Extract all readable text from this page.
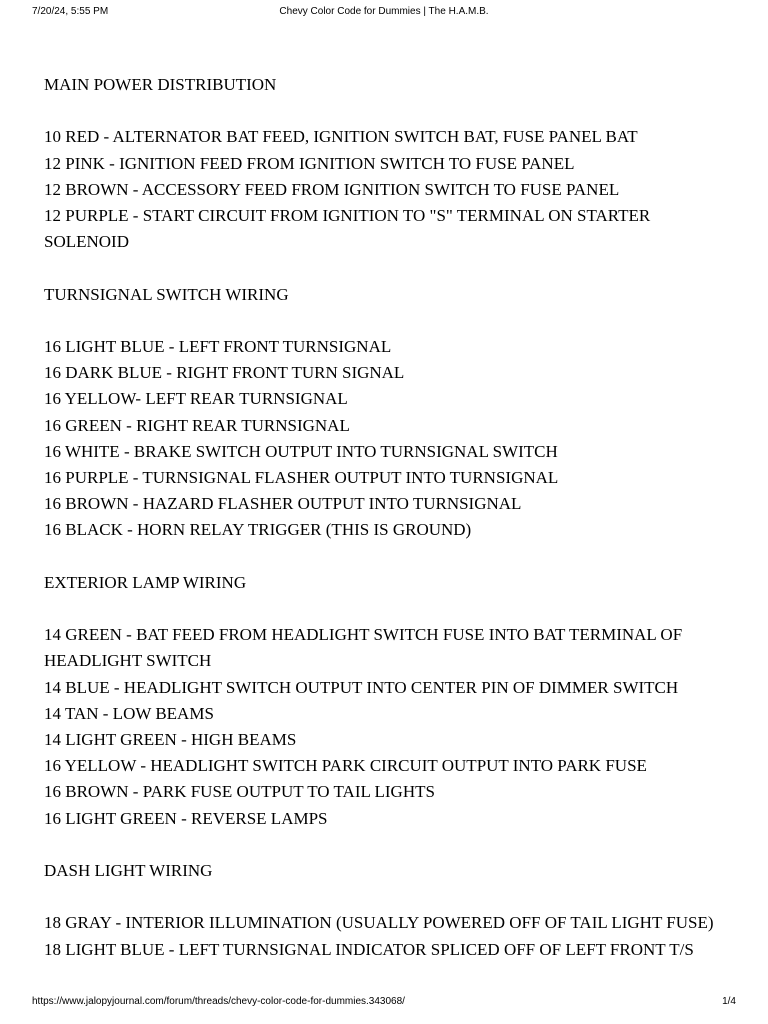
7/20/24, 5:55 PM	Chevy Color Code for Dummies | The H.A.M.B.

MAIN POWER DISTRIBUTION

10 RED - ALTERNATOR BAT FEED, IGNITION SWITCH BAT, FUSE PANEL BAT
12 PINK - IGNITION FEED FROM IGNITION SWITCH TO FUSE PANEL
12 BROWN - ACCESSORY FEED FROM IGNITION SWITCH TO FUSE PANEL
12 PURPLE - START CIRCUIT FROM IGNITION TO "S" TERMINAL ON STARTER SOLENOID

TURNSIGNAL SWITCH WIRING

16 LIGHT BLUE - LEFT FRONT TURNSIGNAL
16 DARK BLUE - RIGHT FRONT TURN SIGNAL
16 YELLOW- LEFT REAR TURNSIGNAL
16 GREEN - RIGHT REAR TURNSIGNAL
16 WHITE - BRAKE SWITCH OUTPUT INTO TURNSIGNAL SWITCH
16 PURPLE - TURNSIGNAL FLASHER OUTPUT INTO TURNSIGNAL
16 BROWN - HAZARD FLASHER OUTPUT INTO TURNSIGNAL
16 BLACK - HORN RELAY TRIGGER (THIS IS GROUND)

EXTERIOR LAMP WIRING

14 GREEN - BAT FEED FROM HEADLIGHT SWITCH FUSE INTO BAT TERMINAL OF HEADLIGHT SWITCH
14 BLUE - HEADLIGHT SWITCH OUTPUT INTO CENTER PIN OF DIMMER SWITCH
14 TAN - LOW BEAMS
14 LIGHT GREEN - HIGH BEAMS
16 YELLOW - HEADLIGHT SWITCH PARK CIRCUIT OUTPUT INTO PARK FUSE
16 BROWN - PARK FUSE OUTPUT TO TAIL LIGHTS
16 LIGHT GREEN - REVERSE LAMPS

DASH LIGHT WIRING

18 GRAY - INTERIOR ILLUMINATION (USUALLY POWERED OFF OF TAIL LIGHT FUSE)
18 LIGHT BLUE - LEFT TURNSIGNAL INDICATOR SPLICED OFF OF LEFT FRONT T/S
https://www.jalopyjournal.com/forum/threads/chevy-color-code-for-dummies.343068/	1/4
